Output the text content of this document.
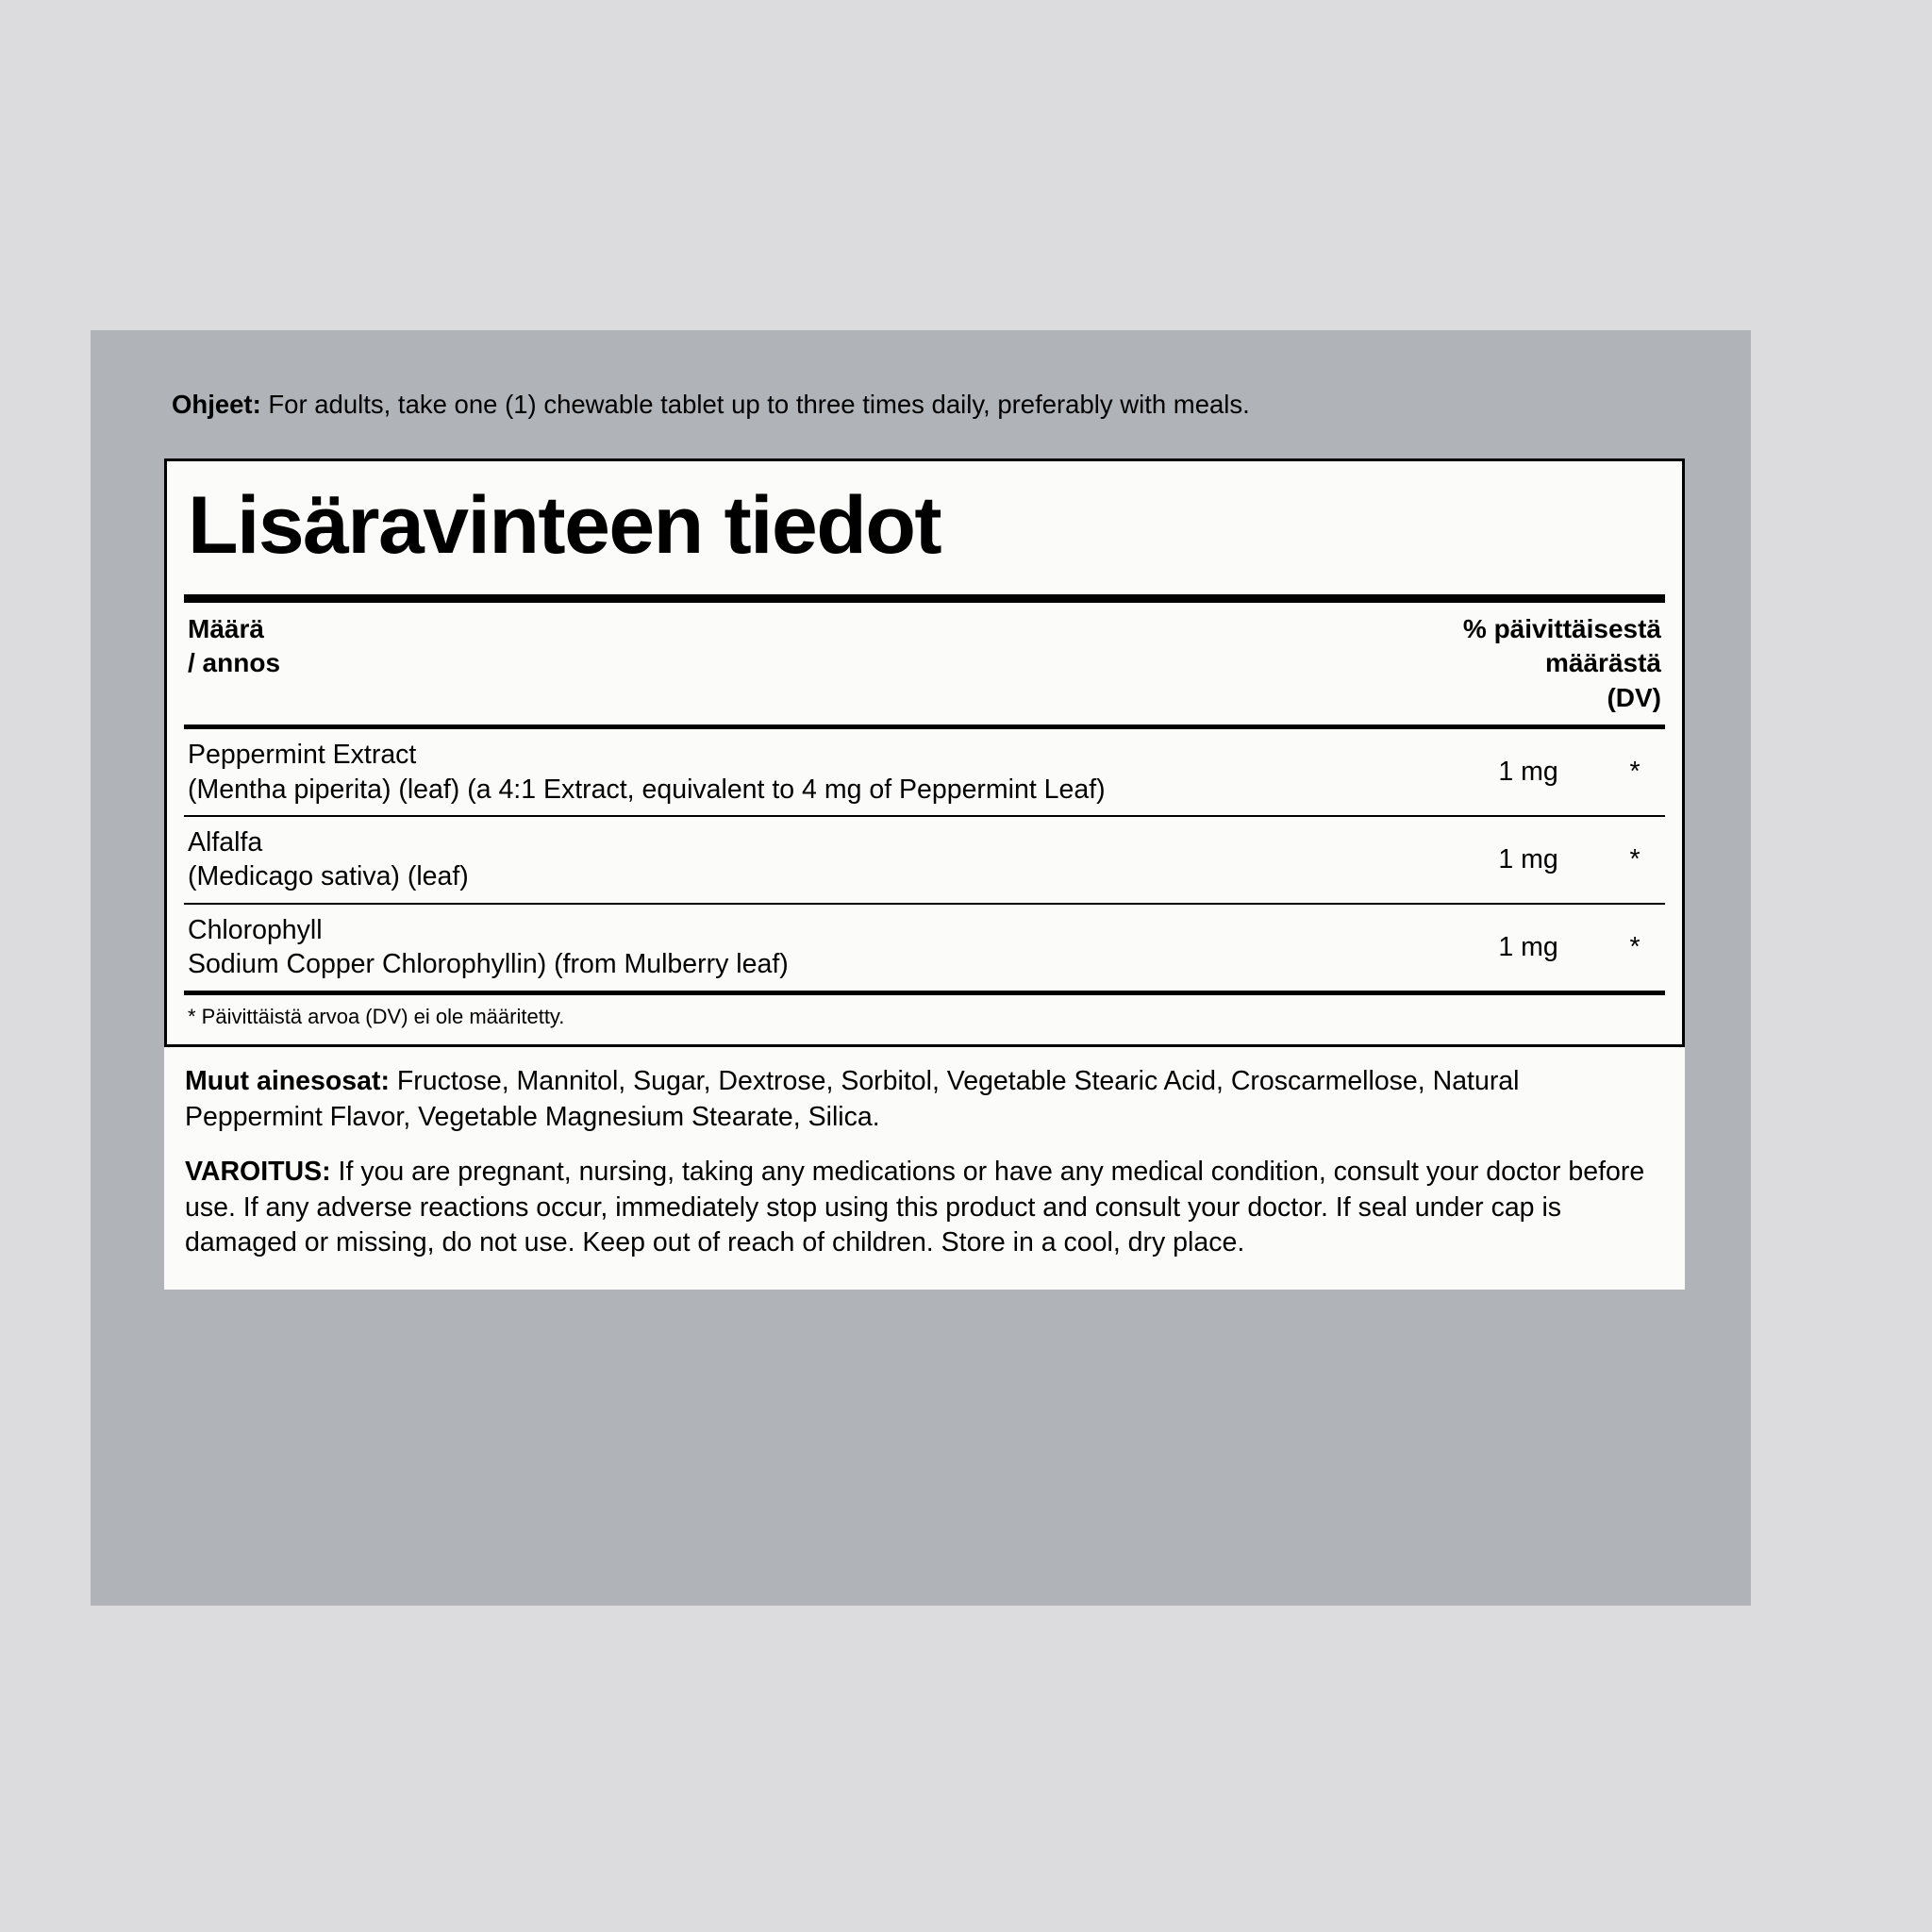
Ohjeet: For adults, take one (1) chewable tablet up to three times daily, preferably with meals.
Lisäravinteen tiedot
Määrä
/ annos
% päivittäisestä
määrästä
(DV)
Peppermint Extract
(Mentha piperita) (leaf) (a 4:1 Extract, equivalent to 4 mg of Peppermint Leaf)
1 mg	*
Alfalfa
(Medicago sativa) (leaf)
1 mg	*
Chlorophyll
Sodium Copper Chlorophyllin) (from Mulberry leaf)
1 mg	*
* Päivittäistä arvoa (DV) ei ole määritetty.
Muut ainesosat: Fructose, Mannitol, Sugar, Dextrose, Sorbitol, Vegetable Stearic Acid, Croscarmellose, Natural Peppermint Flavor, Vegetable Magnesium Stearate, Silica.
VAROITUS: If you are pregnant, nursing, taking any medications or have any medical condition, consult your doctor before use. If any adverse reactions occur, immediately stop using this product and consult your doctor. If seal under cap is damaged or missing, do not use. Keep out of reach of children. Store in a cool, dry place.
